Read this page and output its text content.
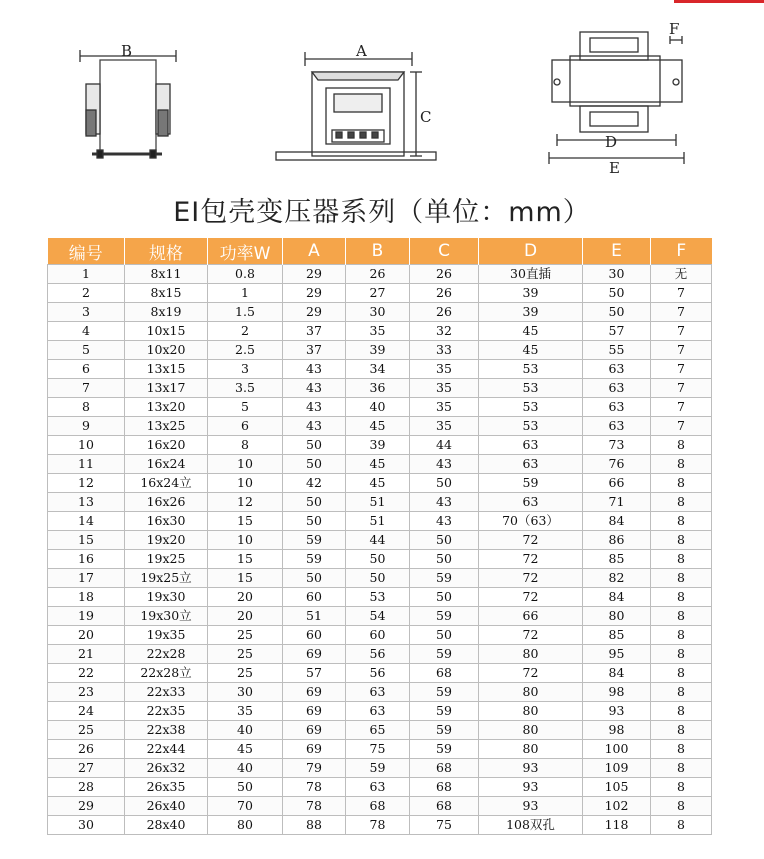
B	A
C
F
D
E
EI包壳变压器系列（单位：mm）
编号	规格	功率W	A	B	C	D	E	F
1	8x11	0.8	29	26	26	30直插	30	无
2	8x15	1	29	27	26	39	50	7
3	8x19	1.5	29	30	26	39	50	7
4	10x15	2	37	35	32	45	57	7
5	10x20	2.5	37	39	33	45	55	7
6	13x15	3	43	34	35	53	63	7
7	13x17	3.5	43	36	35	53	63	7
8	13x20	5	43	40	35	53	63	7
9	13x25	6	43	45	35	53	63	7
10	16x20	8	50	39	44	63	73	8
11	16x24	10	50	45	43	63	76	8
12	16x24立	10	42	45	50	59	66	8
13	16x26	12	50	51	43	63	71	8
14	16x30	15	50	51	43	70（63）	84	8
15	19x20	10	59	44	50	72	86	8
16	19x25	15	59	50	50	72	85	8
17	19x25立	15	50	50	59	72	82	8
18	19x30	20	60	53	50	72	84	8
19	19x30立	20	51	54	59	66	80	8
20	19x35	25	60	60	50	72	85	8
21	22x28	25	69	56	59	80	95	8
22	22x28立	25	57	56	68	72	84	8
23	22x33	30	69	63	59	80	98	8
24	22x35	35	69	63	59	80	93	8
25	22x38	40	69	65	59	80	98	8
26	22x44	45	69	75	59	80	100	8
27	26x32	40	79	59	68	93	109	8
28	26x35	50	78	63	68	93	105	8
29	26x40	70	78	68	68	93	102	8
30	28x40	80	88	78	75	108双孔	118	8
